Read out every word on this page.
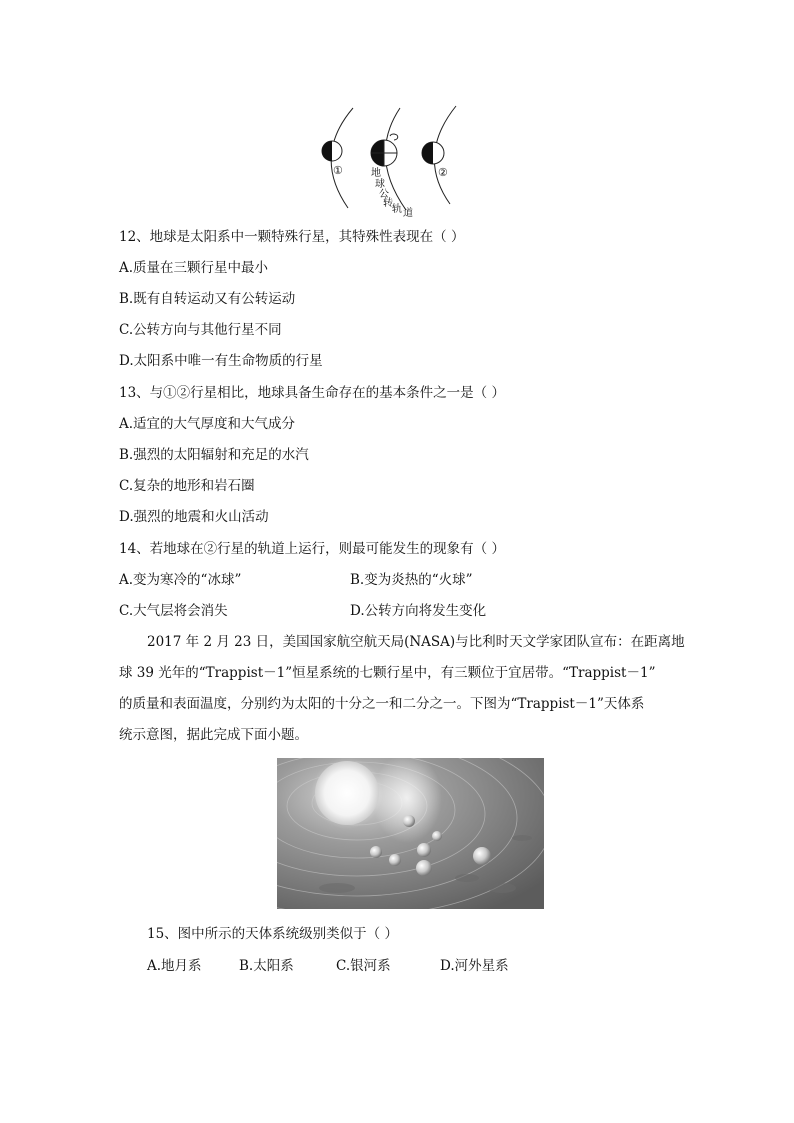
①	②
地
球
公
转
轨 道
12、地球是太阳系中一颗特殊行星，其特殊性表现在（ ）
A.质量在三颗行星中最小
B.既有自转运动又有公转运动
C.公转方向与其他行星不同
D.太阳系中唯一有生命物质的行星
13、与①②行星相比，地球具备生命存在的基本条件之一是（ ）
A.适宜的大气厚度和大气成分
B.强烈的太阳辐射和充足的水汽
C.复杂的地形和岩石圈
D.强烈的地震和火山活动
14、若地球在②行星的轨道上运行，则最可能发生的现象有（ ）
A.变为寒冷的“冰球”	B.变为炎热的“火球”
C.大气层将会消失	D.公转方向将发生变化
2017 年 2 月 23 日，美国国家航空航天局(NASA)与比利时天文学家团队宣布：在距离地
球 39 光年的“Trappist－1”恒星系统的七颗行星中，有三颗位于宜居带。“Trappist－1”
的质量和表面温度，分别约为太阳的十分之一和二分之一。下图为“Trappist－1”天体系
统示意图，据此完成下面小题。
15、图中所示的天体系统级别类似于（ ）
A.地月系	B.太阳系	C.银河系	D.河外星系
